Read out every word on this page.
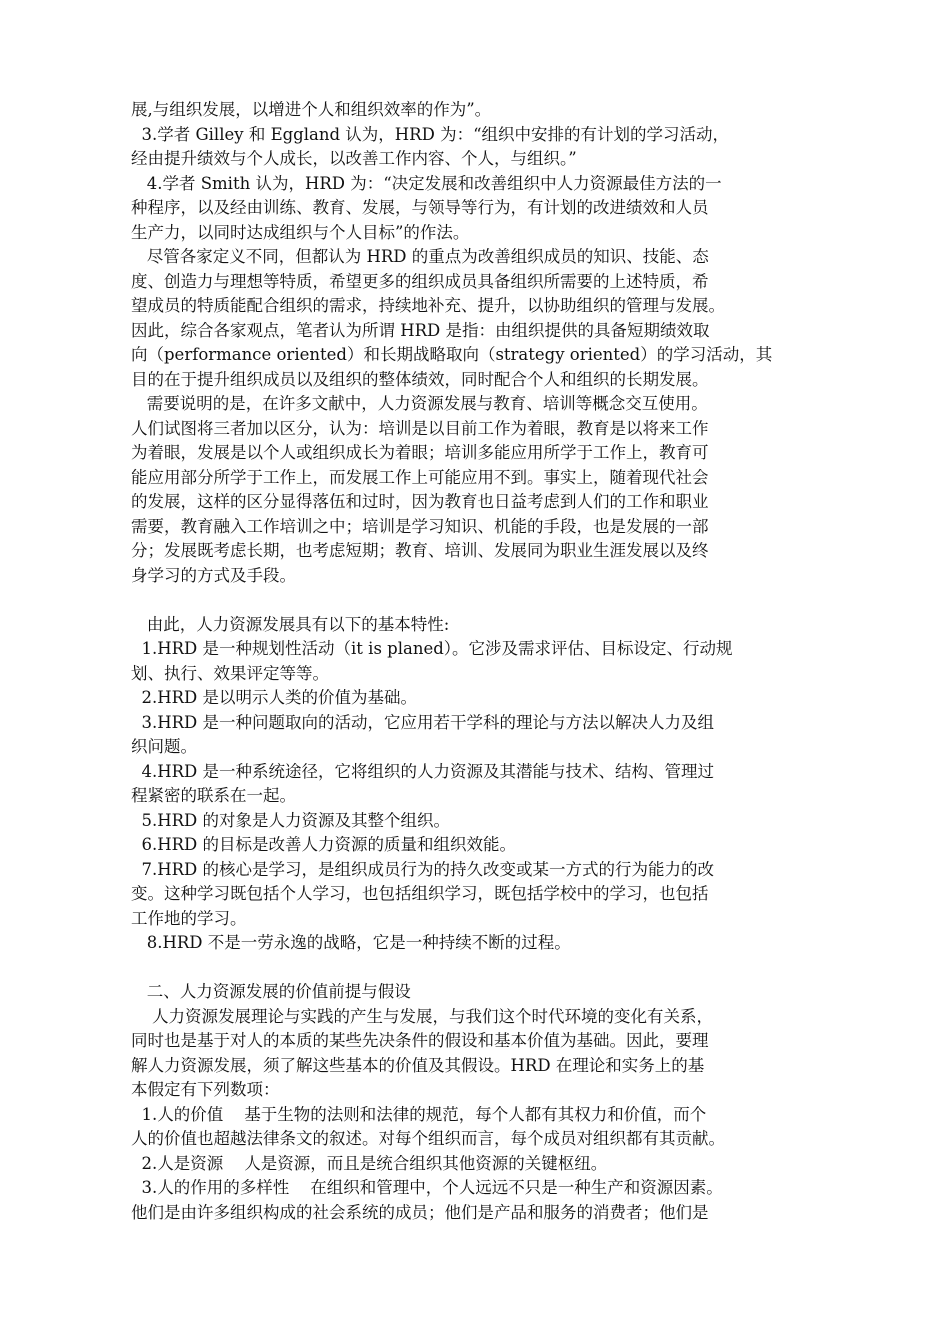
展,与组织发展，以增进个人和组织效率的作为”。
3.学者 Gilley 和 Eggland 认为，HRD 为：“组织中安排的有计划的学习活动，
经由提升绩效与个人成长，以改善工作内容、个人，与组织。”
4.学者 Smith 认为，HRD 为：“决定发展和改善组织中人力资源最佳方法的一
种程序，以及经由训练、教育、发展，与领导等行为，有计划的改进绩效和人员
生产力，以同时达成组织与个人目标”的作法。
尽管各家定义不同，但都认为 HRD 的重点为改善组织成员的知识、技能、态
度、创造力与理想等特质，希望更多的组织成员具备组织所需要的上述特质，希
望成员的特质能配合组织的需求，持续地补充、提升，以协助组织的管理与发展。
因此，综合各家观点，笔者认为所谓 HRD 是指：由组织提供的具备短期绩效取
向（performance oriented）和长期战略取向（strategy oriented）的学习活动，其
目的在于提升组织成员以及组织的整体绩效，同时配合个人和组织的长期发展。
需要说明的是，在许多文献中，人力资源发展与教育、培训等概念交互使用。
人们试图将三者加以区分，认为：培训是以目前工作为着眼，教育是以将来工作
为着眼，发展是以个人或组织成长为着眼；培训多能应用所学于工作上，教育可
能应用部分所学于工作上，而发展工作上可能应用不到。事实上，随着现代社会
的发展，这样的区分显得落伍和过时，因为教育也日益考虑到人们的工作和职业
需要，教育融入工作培训之中；培训是学习知识、机能的手段，也是发展的一部
分；发展既考虑长期，也考虑短期；教育、培训、发展同为职业生涯发展以及终
身学习的方式及手段。
由此，人力资源发展具有以下的基本特性:
1.HRD 是一种规划性活动（it is planed）。它涉及需求评估、目标设定、行动规
划、执行、效果评定等等。
2.HRD 是以明示人类的价值为基础。
3.HRD 是一种问题取向的活动，它应用若干学科的理论与方法以解决人力及组
织问题。
4.HRD 是一种系统途径，它将组织的人力资源及其潜能与技术、结构、管理过
程紧密的联系在一起。
5.HRD 的对象是人力资源及其整个组织。
6.HRD 的目标是改善人力资源的质量和组织效能。
7.HRD 的核心是学习，是组织成员行为的持久改变或某一方式的行为能力的改
变。这种学习既包括个人学习，也包括组织学习，既包括学校中的学习，也包括
工作地的学习。
8.HRD 不是一劳永逸的战略，它是一种持续不断的过程。
二、人力资源发展的价值前提与假设
人力资源发展理论与实践的产生与发展，与我们这个时代环境的变化有关系，
同时也是基于对人的本质的某些先决条件的假设和基本价值为基础。因此，要理
解人力资源发展，须了解这些基本的价值及其假设。HRD 在理论和实务上的基
本假定有下列数项：
1.人的价值    基于生物的法则和法律的规范，每个人都有其权力和价值，而个
人的价值也超越法律条文的叙述。对每个组织而言，每个成员对组织都有其贡献。
2.人是资源    人是资源，而且是统合组织其他资源的关键枢纽。
3.人的作用的多样性    在组织和管理中，个人远远不只是一种生产和资源因素。
他们是由许多组织构成的社会系统的成员；他们是产品和服务的消费者；他们是
